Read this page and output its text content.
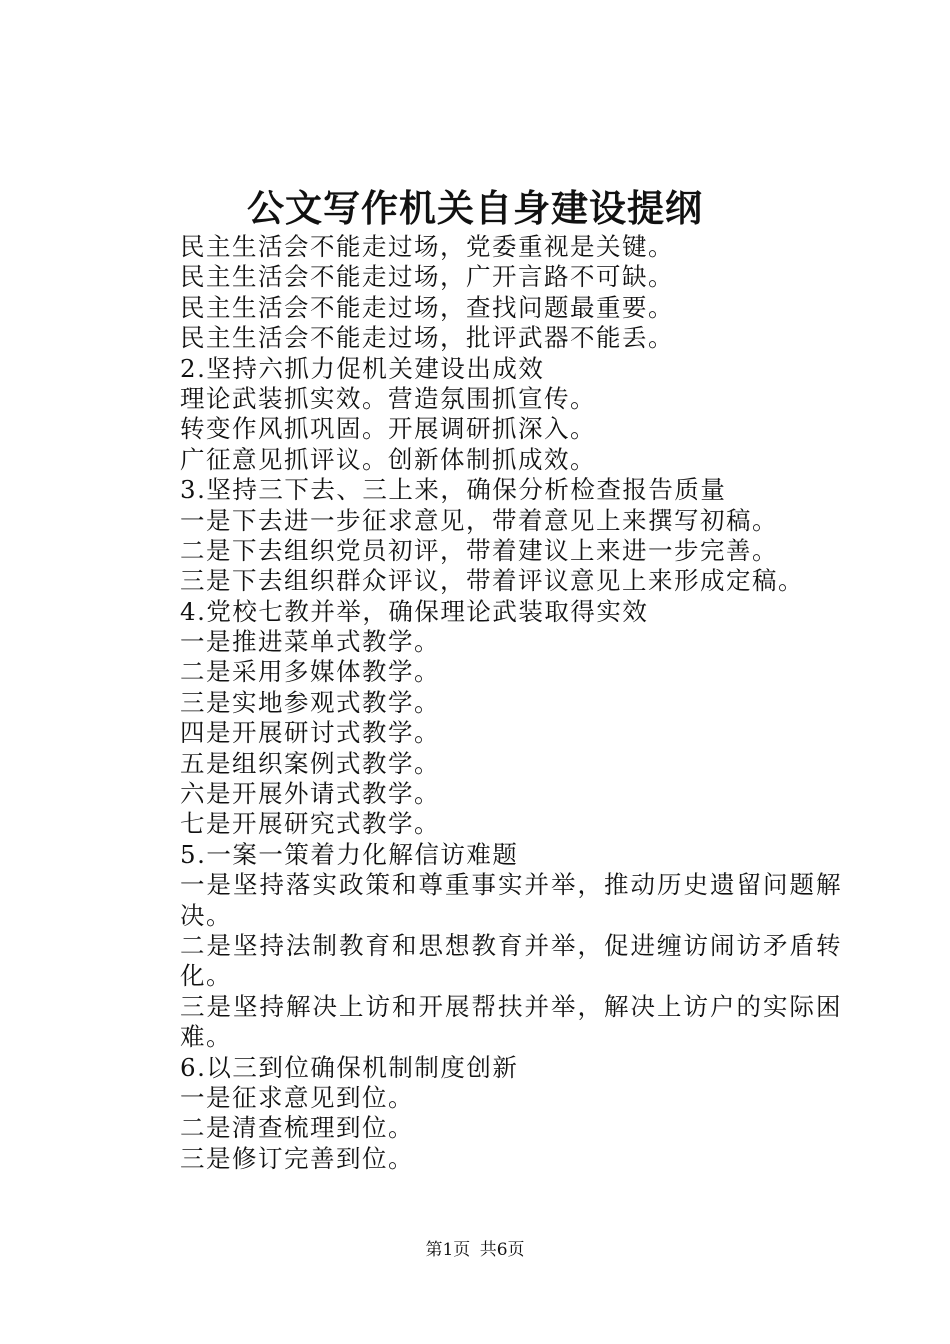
公文写作机关自身建设提纲
民主生活会不能走过场，党委重视是关键。
民主生活会不能走过场，广开言路不可缺。
民主生活会不能走过场，查找问题最重要。
民主生活会不能走过场，批评武器不能丢。
2.坚持六抓力促机关建设出成效
理论武装抓实效。营造氛围抓宣传。
转变作风抓巩固。开展调研抓深入。
广征意见抓评议。创新体制抓成效。
3.坚持三下去、三上来，确保分析检查报告质量
一是下去进一步征求意见，带着意见上来撰写初稿。
二是下去组织党员初评，带着建议上来进一步完善。
三是下去组织群众评议，带着评议意见上来形成定稿。
4.党校七教并举，确保理论武装取得实效
一是推进菜单式教学。
二是采用多媒体教学。
三是实地参观式教学。
四是开展研讨式教学。
五是组织案例式教学。
六是开展外请式教学。
七是开展研究式教学。
5.一案一策着力化解信访难题
一是坚持落实政策和尊重事实并举，推动历史遗留问题解决。
二是坚持法制教育和思想教育并举，促进缠访闹访矛盾转化。
三是坚持解决上访和开展帮扶并举，解决上访户的实际困难。
6.以三到位确保机制制度创新
一是征求意见到位。
二是清查梳理到位。
三是修订完善到位。
第1页 共6页
